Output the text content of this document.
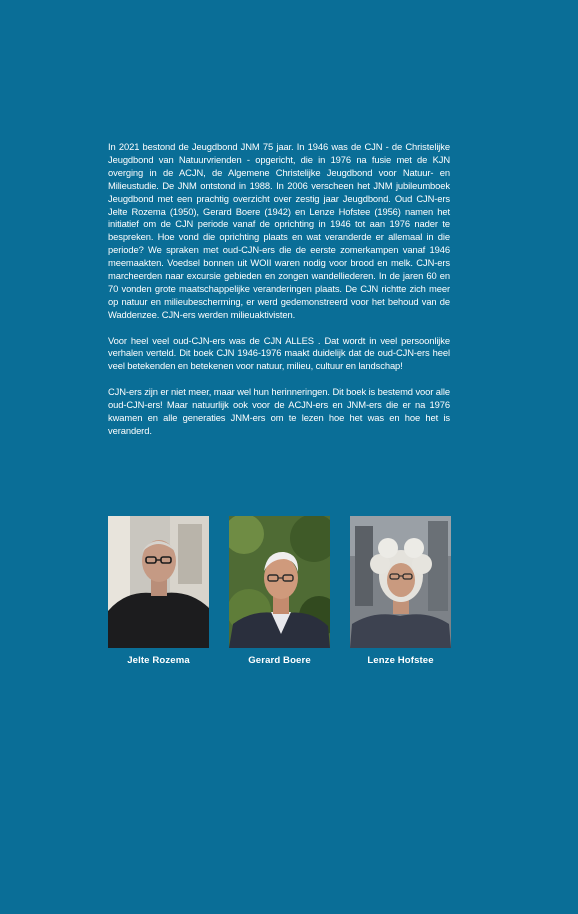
In 2021 bestond de Jeugdbond JNM 75 jaar. In 1946 was de CJN - de Christelijke Jeugdbond van Natuurvrienden - opgericht, die in 1976 na fusie met de KJN overging in de ACJN, de Algemene Christelijke Jeugdbond voor Natuur- en Milieustudie. De JNM ontstond in 1988. In 2006 verscheen het JNM jubileumboek Jeugdbond met een prachtig overzicht over zestig jaar Jeugdbond. Oud CJN-ers Jelte Rozema (1950), Gerard Boere (1942) en Lenze Hofstee (1956) namen het initiatief om de CJN periode vanaf de oprichting in 1946 tot aan 1976 nader te bespreken. Hoe vond die oprichting plaats en wat veranderde er allemaal in die periode? We spraken met oud-CJN-ers die de eerste zomerkampen vanaf 1946 meemaakten. Voedsel bonnen uit WOII waren nodig voor brood en melk. CJN-ers marcheerden naar excursie gebieden en zongen wandelliederen. In de jaren 60 en 70 vonden grote maatschappelijke veranderingen plaats. De CJN richtte zich meer op natuur en milieubescherming, er werd gedemonstreerd voor het behoud van de Waddenzee. CJN-ers werden milieuaktivisten.

Voor heel veel oud-CJN-ers was de CJN ALLES . Dat wordt in veel persoonlijke verhalen verteld. Dit boek CJN 1946-1976 maakt duidelijk dat de oud-CJN-ers heel veel betekenden en betekenen voor natuur, milieu, cultuur en landschap!

CJN-ers zijn er niet meer, maar wel hun herinneringen. Dit boek is bestemd voor alle oud-CJN-ers! Maar natuurlijk ook voor de ACJN-ers en JNM-ers die er na 1976 kwamen en alle generaties JNM-ers om te lezen hoe het was en hoe het is veranderd.

Jelte Rozema	Gerard Boere	Lenze Hofstee
